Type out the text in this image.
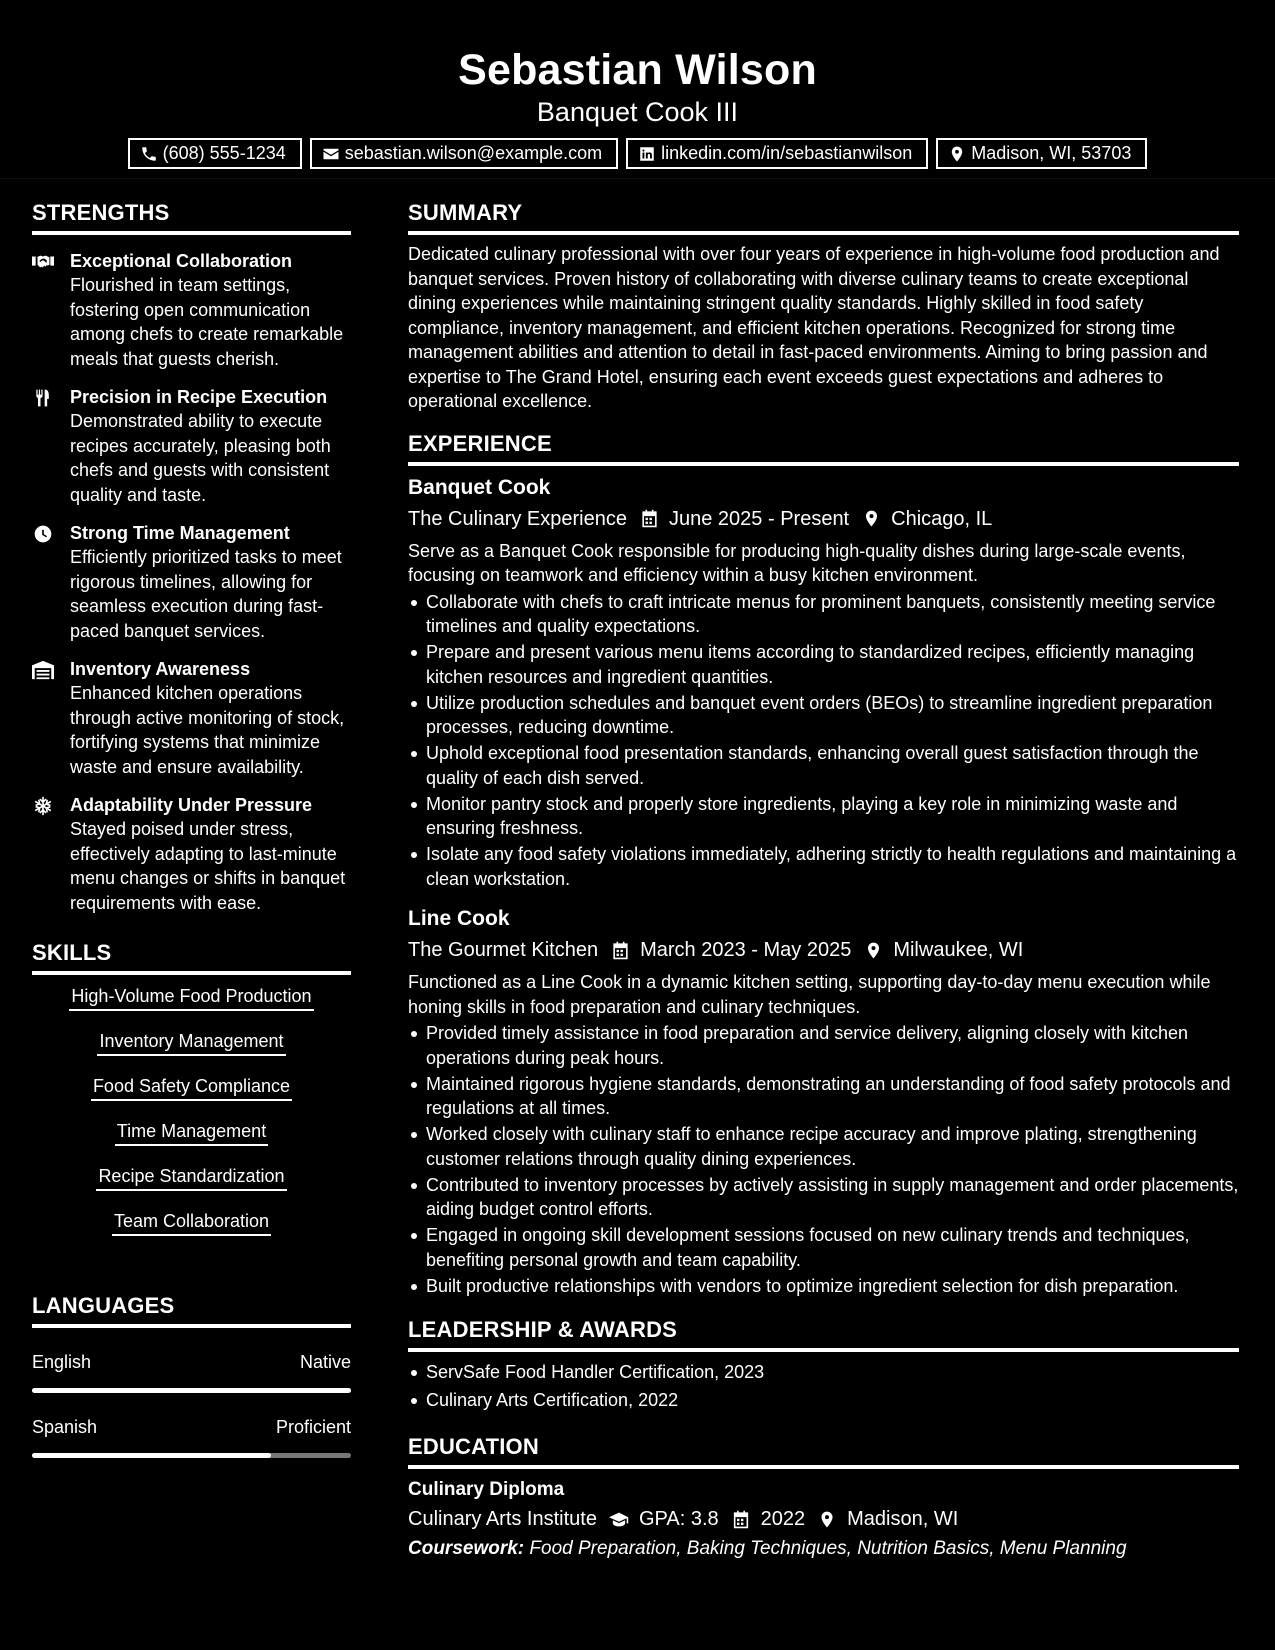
Sebastian Wilson
Banquet Cook III
(608) 555-1234	sebastian.wilson@example.com	linkedin.com/in/sebastianwilson	Madison, WI, 53703
STRENGTHS
Exceptional Collaboration
Flourished in team settings, fostering open communication among chefs to create remarkable meals that guests cherish.
Precision in Recipe Execution
Demonstrated ability to execute recipes accurately, pleasing both chefs and guests with consistent quality and taste.
Strong Time Management
Efficiently prioritized tasks to meet rigorous timelines, allowing for seamless execution during fast-paced banquet services.
Inventory Awareness
Enhanced kitchen operations through active monitoring of stock, fortifying systems that minimize waste and ensure availability.
Adaptability Under Pressure
Stayed poised under stress, effectively adapting to last-minute menu changes or shifts in banquet requirements with ease.
SKILLS
High-Volume Food Production
Inventory Management
Food Safety Compliance
Time Management
Recipe Standardization
Team Collaboration
LANGUAGES
English	Native
Spanish	Proficient
SUMMARY
Dedicated culinary professional with over four years of experience in high-volume food production and banquet services. Proven history of collaborating with diverse culinary teams to create exceptional dining experiences while maintaining stringent quality standards. Highly skilled in food safety compliance, inventory management, and efficient kitchen operations. Recognized for strong time management abilities and attention to detail in fast-paced environments. Aiming to bring passion and expertise to The Grand Hotel, ensuring each event exceeds guest expectations and adheres to operational excellence.
EXPERIENCE
Banquet Cook
The Culinary Experience June 2025 - Present Chicago, IL
Serve as a Banquet Cook responsible for producing high-quality dishes during large-scale events, focusing on teamwork and efficiency within a busy kitchen environment.
Collaborate with chefs to craft intricate menus for prominent banquets, consistently meeting service timelines and quality expectations.
Prepare and present various menu items according to standardized recipes, efficiently managing kitchen resources and ingredient quantities.
Utilize production schedules and banquet event orders (BEOs) to streamline ingredient preparation processes, reducing downtime.
Uphold exceptional food presentation standards, enhancing overall guest satisfaction through the quality of each dish served.
Monitor pantry stock and properly store ingredients, playing a key role in minimizing waste and ensuring freshness.
Isolate any food safety violations immediately, adhering strictly to health regulations and maintaining a clean workstation.
Line Cook
The Gourmet Kitchen March 2023 - May 2025 Milwaukee, WI
Functioned as a Line Cook in a dynamic kitchen setting, supporting day-to-day menu execution while honing skills in food preparation and culinary techniques.
Provided timely assistance in food preparation and service delivery, aligning closely with kitchen operations during peak hours.
Maintained rigorous hygiene standards, demonstrating an understanding of food safety protocols and regulations at all times.
Worked closely with culinary staff to enhance recipe accuracy and improve plating, strengthening customer relations through quality dining experiences.
Contributed to inventory processes by actively assisting in supply management and order placements, aiding budget control efforts.
Engaged in ongoing skill development sessions focused on new culinary trends and techniques, benefiting personal growth and team capability.
Built productive relationships with vendors to optimize ingredient selection for dish preparation.
LEADERSHIP & AWARDS
ServSafe Food Handler Certification, 2023
Culinary Arts Certification, 2022
EDUCATION
Culinary Diploma
Culinary Arts Institute GPA: 3.8 2022 Madison, WI
Coursework: Food Preparation, Baking Techniques, Nutrition Basics, Menu Planning
